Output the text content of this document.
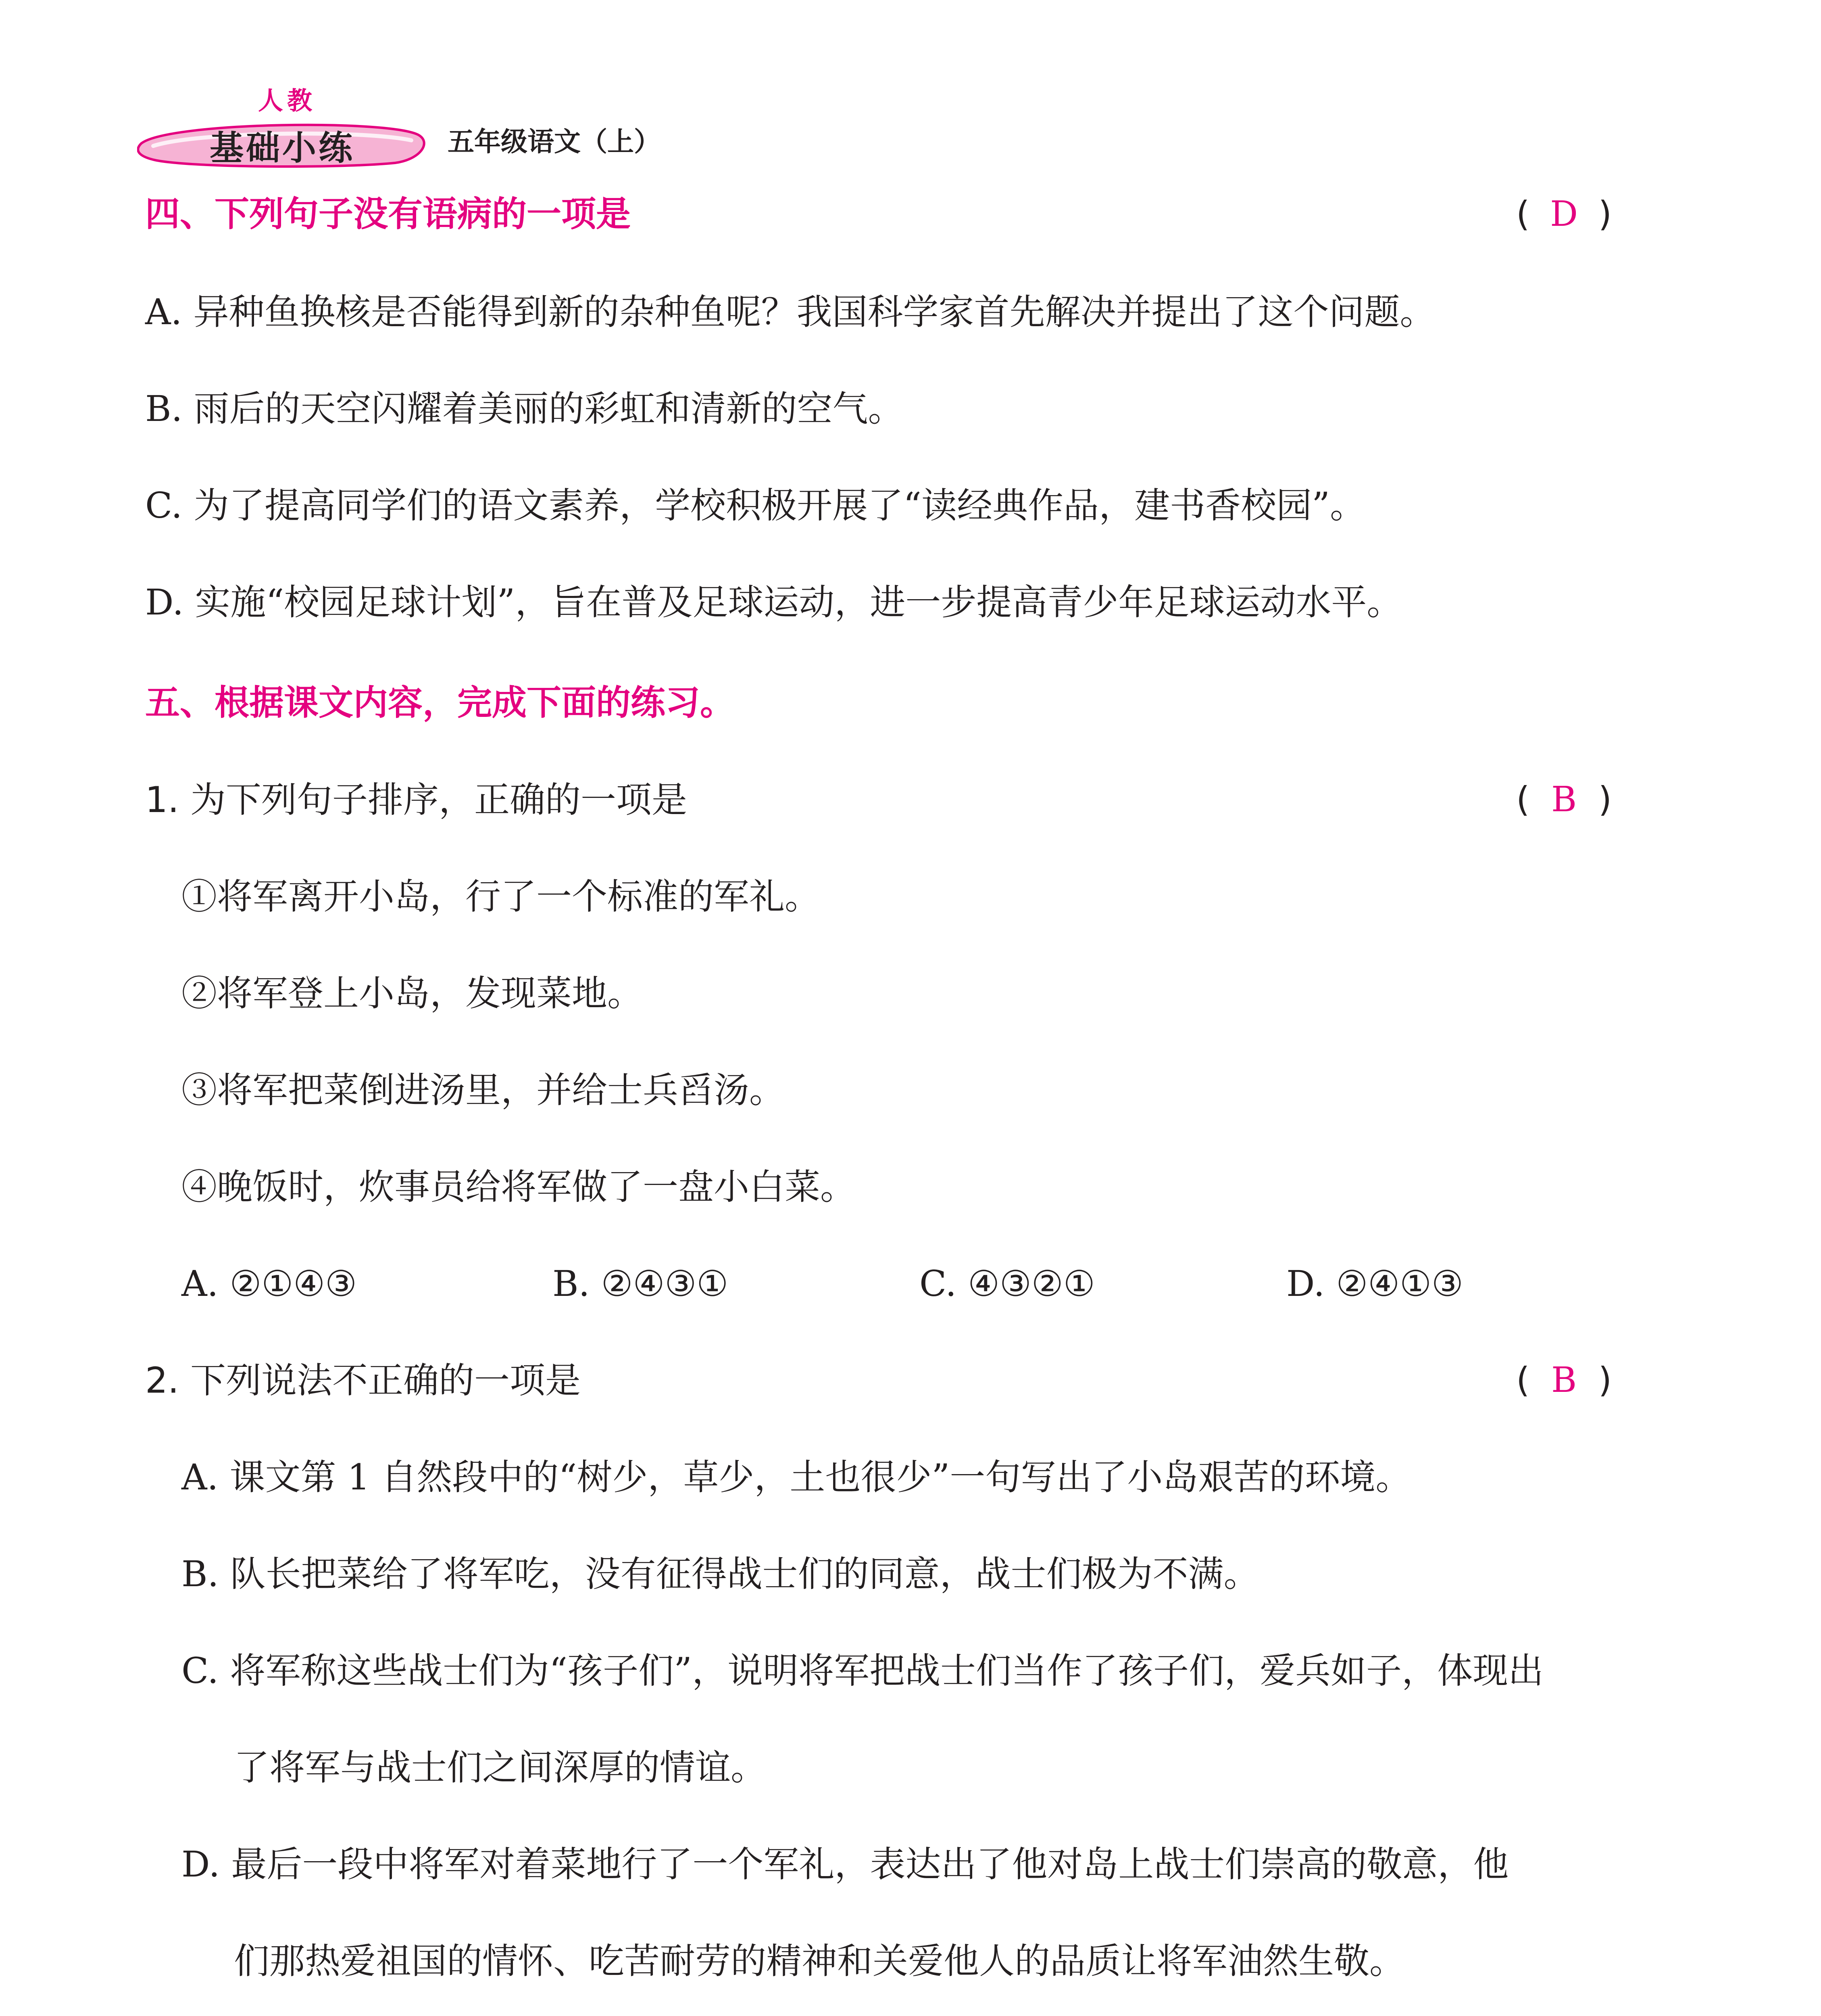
人教
基础小练	五年级语文（上）
四、下列句子没有语病的一项是	( D )
A. 异种鱼换核是否能得到新的杂种鱼呢？我国科学家首先解决并提出了这个问题。
B. 雨后的天空闪耀着美丽的彩虹和清新的空气。
C. 为了提高同学们的语文素养，学校积极开展了“读经典作品，建书香校园”。
D. 实施“校园足球计划”，旨在普及足球运动，进一步提高青少年足球运动水平。
五、根据课文内容，完成下面的练习。
1. 为下列句子排序，正确的一项是	( B )
①将军离开小岛，行了一个标准的军礼。
②将军登上小岛，发现菜地。
③将军把菜倒进汤里，并给士兵舀汤。
④晚饭时，炊事员给将军做了一盘小白菜。
A. ②①④③	B. ②④③①	C. ④③②①	D. ②④①③
2. 下列说法不正确的一项是	( B )
A. 课文第 1 自然段中的“树少，草少，土也很少”一句写出了小岛艰苦的环境。
B. 队长把菜给了将军吃，没有征得战士们的同意，战士们极为不满。
C. 将军称这些战士们为“孩子们”，说明将军把战士们当作了孩子们，爱兵如子，体现出
了将军与战士们之间深厚的情谊。
D. 最后一段中将军对着菜地行了一个军礼，表达出了他对岛上战士们崇高的敬意，他
们那热爱祖国的情怀、吃苦耐劳的精神和关爱他人的品质让将军油然生敬。
